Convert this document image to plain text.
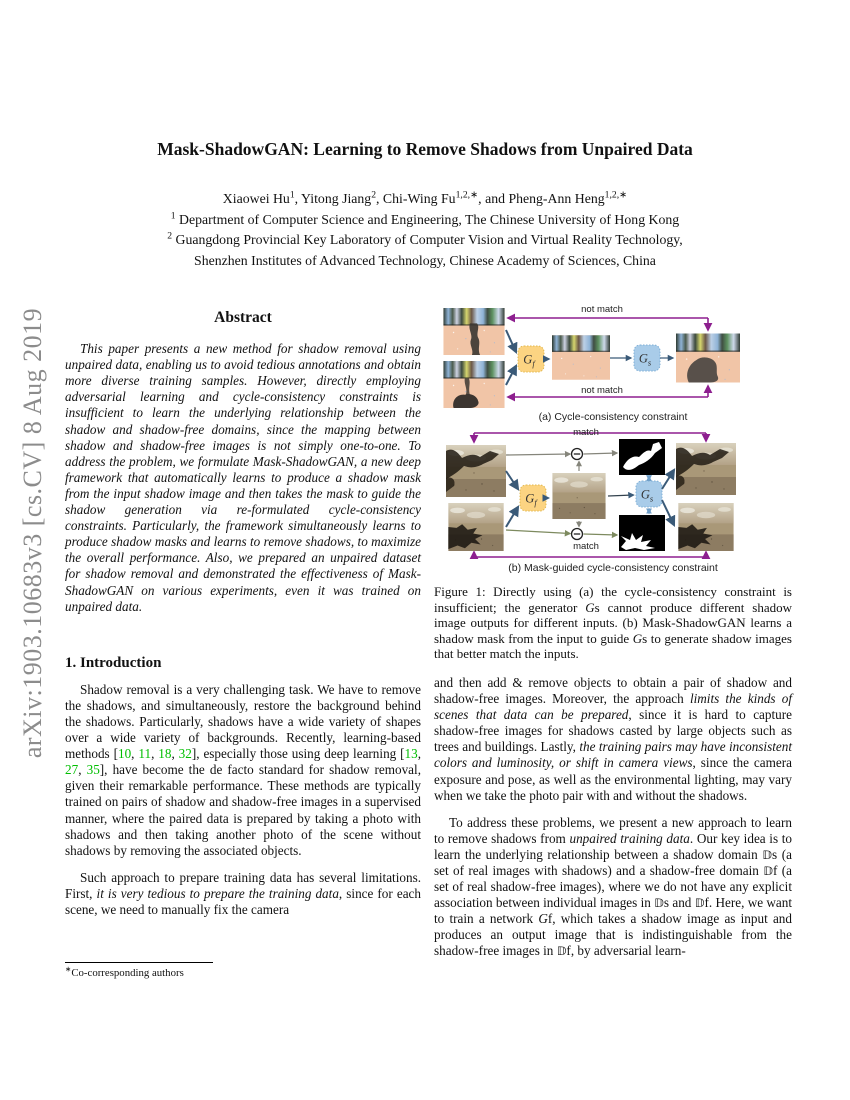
arXiv:1903.10683v3 [cs.CV] 8 Aug 2019
Mask-ShadowGAN: Learning to Remove Shadows from Unpaired Data
Xiaowei Hu$^1$, Yitong Jiang$^2$, Chi-Wing $Fu^{1,2,∗}$, and Pheng-Ann Heng$^{1,2,∗}$
$^1$ Department of Computer Science and Engineering, The Chinese University of Hong Kong
$^2$ Guangdong Provincial Key Laboratory of Computer Vision and Virtual Reality Technology,
Shenzhen Institutes of Advanced Technology, Chinese Academy of Sciences, China
Abstract

This paper presents a new method for shadow removal using unpaired data, enabling us to avoid tedious annotations and obtain more diverse training samples. However, directly employing adversarial learning and cycle-consistency constraints is insufficient to learn the underlying relationship between the shadow and shadow-free domains, since the mapping between shadow and shadow-free images is not simply one-to-one. To address the problem, we formulate Mask-ShadowGAN, a new deep framework that automatically learns to produce a shadow mask from the input shadow image and then takes the mask to guide the shadow generation via re-formulated cycle-consistency constraints. Particularly, the framework simultaneously learns to produce shadow masks and learns to remove shadows, to maximize the overall performance. Also, we prepared an unpaired dataset for shadow removal and demonstrated the effectiveness of Mask-ShadowGAN on various experiments, even it was trained on unpaired data.

1. Introduction

Shadow removal is a very challenging task. We have to remove the shadows, and simultaneously, restore the background behind the shadows. Particularly, shadows have a wide variety of shapes over a wide variety of backgrounds. Recently, learning-based methods [10, 11, 18, 32], especially those using deep learning [13, 27, 35], have become the de facto standard for shadow removal, given their remarkable performance. These methods are typically trained on pairs of shadow and shadow-free images in a supervised manner, where the paired data is prepared by taking a photo with shadows and then taking another photo of the scene without shadows by removing the associated objects.

Such approach to prepare training data has several limitations. First, it is very tedious to prepare the training data, since for each scene, we need to manually fix the camera

∗Co-corresponding authors
not match
not match
$G_f$	$G_s$
(a) Cycle-consistency constraint
match
match
$G_f$
$G_s$
(b) Mask-guided cycle-consistency constraint

Figure 1: Directly using (a) the cycle-consistency constraint is insufficient; the generator Gs cannot produce different shadow image outputs for different inputs. (b) Mask-ShadowGAN learns a shadow mask from the input to guide Gs to generate shadow images that better match the inputs.

and then add & remove objects to obtain a pair of shadow and shadow-free images. Moreover, the approach limits the kinds of scenes that data can be prepared, since it is hard to capture shadow-free images for shadows casted by large objects such as trees and buildings. Lastly, the training pairs may have inconsistent colors and luminosity, or shift in camera views, since the camera exposure and pose, as well as the environmental lighting, may vary when we take the photo pair with and without the shadows.

To address these problems, we present a new approach to learn to remove shadows from unpaired training data. Our key idea is to learn the underlying relationship between a shadow domain 𝔻s (a set of real images with shadows) and a shadow-free domain 𝔻f (a set of real shadow-free images), where we do not have any explicit association between individual images in 𝔻s and 𝔻f. Here, we want to train a network Gf, which takes a shadow image as input and produces an output image that is indistinguishable from the shadow-free images in 𝔻f, by adversarial learn-
